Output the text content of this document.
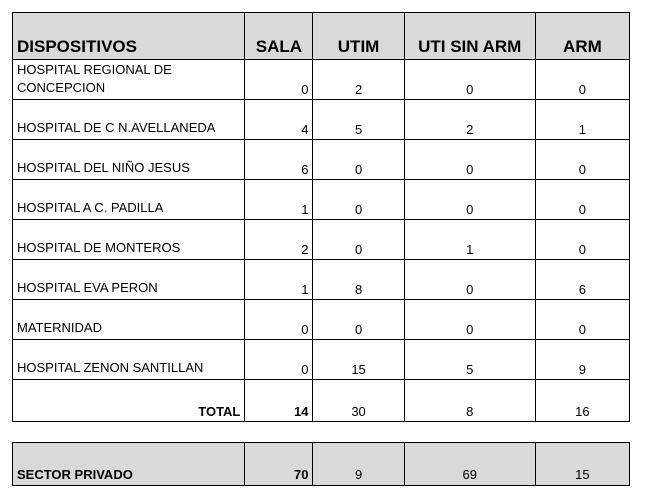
DISPOSITIVOS	SALA	UTIM	UTI SIN ARM	ARM
HOSPITAL REGIONAL DE CONCEPCION	0	2	0	0
HOSPITAL DE C N.AVELLANEDA	4	5	2	1
HOSPITAL DEL NIÑO JESUS	6	0	0	0
HOSPITAL A C. PADILLA	1	0	0	0
HOSPITAL DE MONTEROS	2	0	1	0
HOSPITAL EVA PERON	1	8	0	6
MATERNIDAD	0	0	0	0
HOSPITAL ZENON SANTILLAN	0	15	5	9
TOTAL	14	30	8	16
SECTOR PRIVADO	70	9	69	15
